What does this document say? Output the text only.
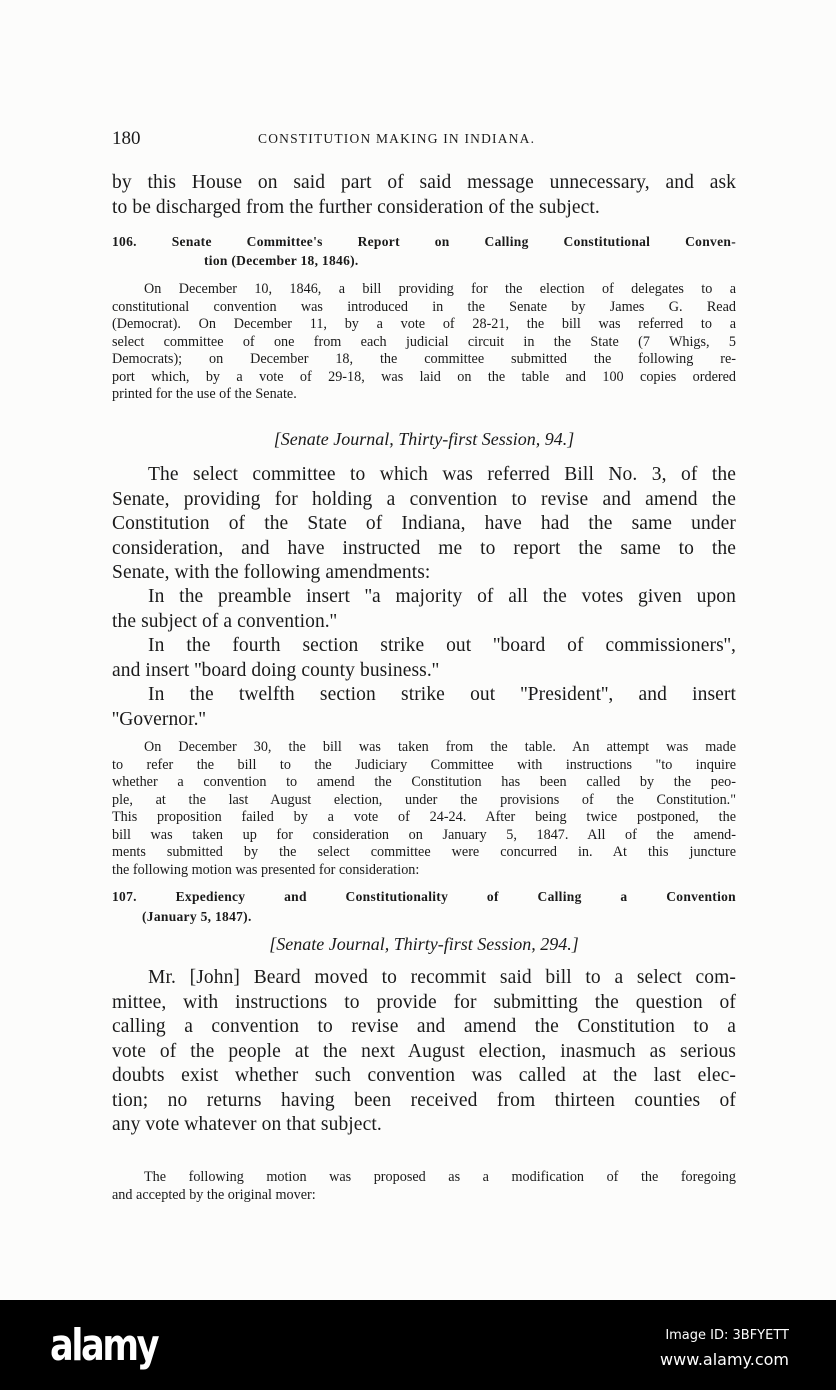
180	CONSTITUTION MAKING IN INDIANA.
by this House on said part of said message unnecessary, and ask
to be discharged from the further consideration of the subject.
106. Senate Committee's Report on Calling Constitutional Conven-
tion (December 18, 1846).
On December 10, 1846, a bill providing for the election of delegates to a
constitutional convention was introduced in the Senate by James G. Read
(Democrat). On December 11, by a vote of 28-21, the bill was referred to a
select committee of one from each judicial circuit in the State (7 Whigs, 5
Democrats); on December 18, the committee submitted the following re-
port which, by a vote of 29-18, was laid on the table and 100 copies ordered
printed for the use of the Senate.
[Senate Journal, Thirty-first Session, 94.]
The select committee to which was referred Bill No. 3, of the
Senate, providing for holding a convention to revise and amend the
Constitution of the State of Indiana, have had the same under
consideration, and have instructed me to report the same to the
Senate, with the following amendments:
In the preamble insert ''a majority of all the votes given upon
the subject of a convention.''
In the fourth section strike out ''board of commissioners'',
and insert ''board doing county business.''
In the twelfth section strike out ''President'', and insert
''Governor.''
On December 30, the bill was taken from the table. An attempt was made
to refer the bill to the Judiciary Committee with instructions "to inquire
whether a convention to amend the Constitution has been called by the peo-
ple, at the last August election, under the provisions of the Constitution."
This proposition failed by a vote of 24-24. After being twice postponed, the
bill was taken up for consideration on January 5, 1847. All of the amend-
ments submitted by the select committee were concurred in. At this juncture
the following motion was presented for consideration:
107. Expediency and Constitutionality of Calling a Convention
(January 5, 1847).
[Senate Journal, Thirty-first Session, 294.]
Mr. [John] Beard moved to recommit said bill to a select com-
mittee, with instructions to provide for submitting the question of
calling a convention to revise and amend the Constitution to a
vote of the people at the next August election, inasmuch as serious
doubts exist whether such convention was called at the last elec-
tion; no returns having been received from thirteen counties of
any vote whatever on that subject.
The following motion was proposed as a modification of the foregoing
and accepted by the original mover:
alamy	Image ID: 3BFYETT
www.alamy.com
